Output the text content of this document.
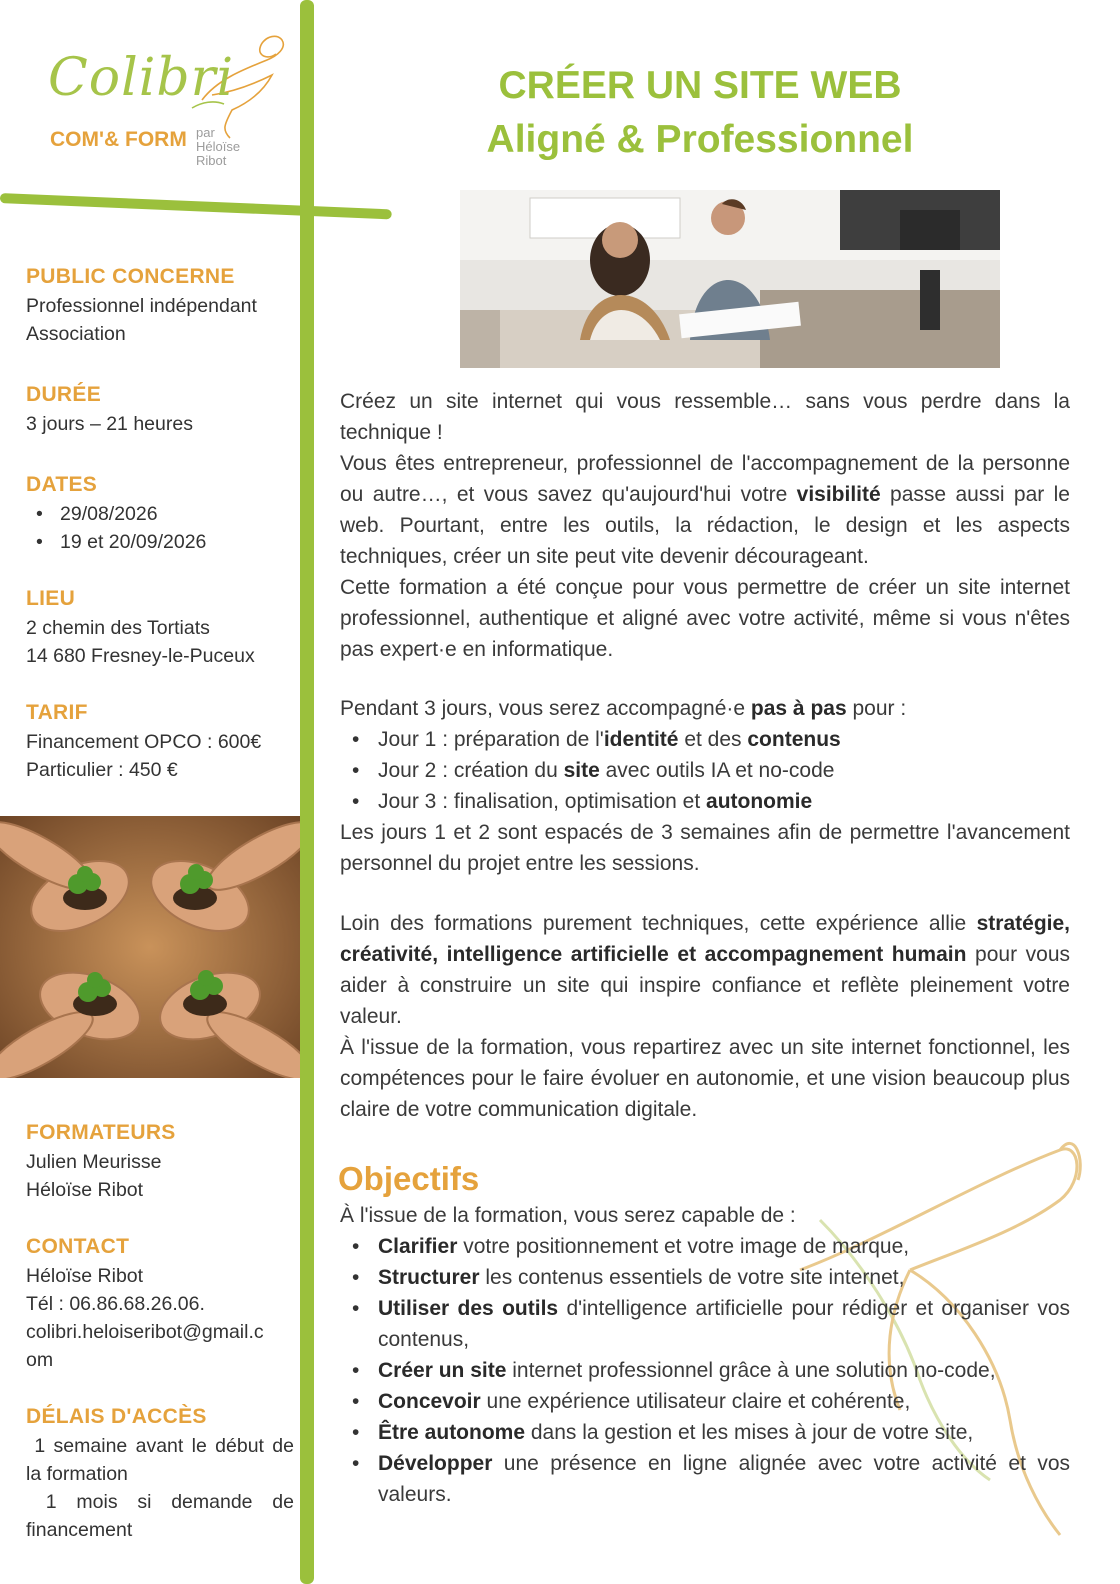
Colibri
COM'& FORM par
Héloïse
Ribot
PUBLIC CONCERNE
Professionnel indépendant
Association
DURÉE
3 jours – 21 heures
DATES
• 29/08/2026
• 19 et 20/09/2026
LIEU
2 chemin des Tortiats
14 680 Fresney-le-Puceux
TARIF
Financement OPCO : 600€
Particulier : 450 €
FORMATEURS
Julien Meurisse
Héloïse Ribot
CONTACT
Héloïse Ribot
Tél : 06.86.68.26.06.
colibri.heloiseribot@gmail.c
om
DÉLAIS D'ACCÈS
1 semaine avant le début de la formation
1 mois si demande de financement
CRÉER UN SITE WEB
Aligné & Professionnel

Créez un site internet qui vous ressemble… sans vous perdre dans la technique !

Vous êtes entrepreneur, professionnel de l'accompagnement de la personne ou autre…, et vous savez qu'aujourd'hui votre visibilité passe aussi par le web. Pourtant, entre les outils, la rédaction, le design et les aspects techniques, créer un site peut vite devenir décourageant.

Cette formation a été conçue pour vous permettre de créer un site internet professionnel, authentique et aligné avec votre activité, même si vous n'êtes pas expert·e en informatique.

Pendant 3 jours, vous serez accompagné·e pas à pas pour :

• Jour 1 : préparation de l'identité et des contenus
• Jour 2 : création du site avec outils IA et no-code
• Jour 3 : finalisation, optimisation et autonomie

Les jours 1 et 2 sont espacés de 3 semaines afin de permettre l'avancement personnel du projet entre les sessions.

Loin des formations purement techniques, cette expérience allie stratégie, créativité, intelligence artificielle et accompagnement humain pour vous aider à construire un site qui inspire confiance et reflète pleinement votre valeur.

À l'issue de la formation, vous repartirez avec un site internet fonctionnel, les compétences pour le faire évoluer en autonomie, et une vision beaucoup plus claire de votre communication digitale.

Objectifs

À l'issue de la formation, vous serez capable de :

• Clarifier votre positionnement et votre image de marque,
• Structurer les contenus essentiels de votre site internet,
• Utiliser des outils d'intelligence artificielle pour rédiger et organiser vos contenus,
• Créer un site internet professionnel grâce à une solution no-code,
• Concevoir une expérience utilisateur claire et cohérente,
• Être autonome dans la gestion et les mises à jour de votre site,
• Développer une présence en ligne alignée avec votre activité et vos valeurs.
